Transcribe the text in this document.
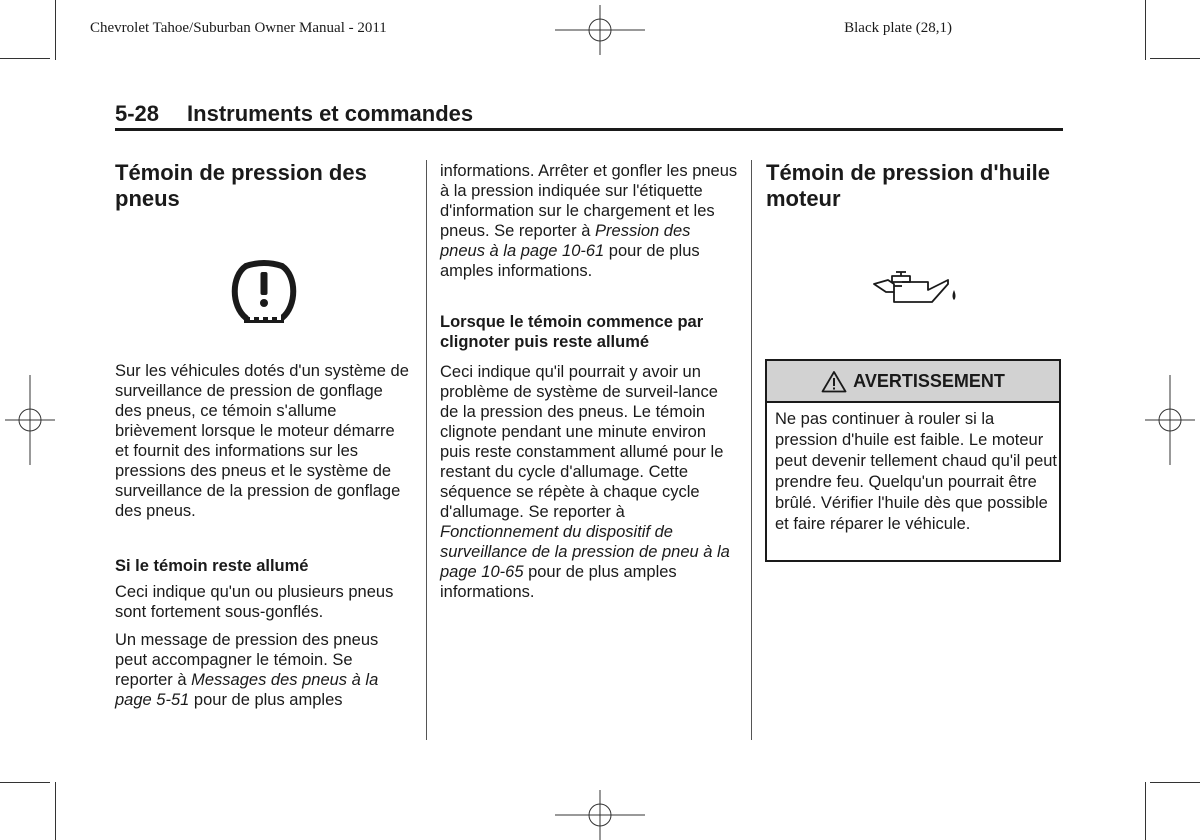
Chevrolet Tahoe/Suburban Owner Manual - 2011	Black plate (28,1)
5-28 Instruments et commandes
Témoin de pression des pneus

Sur les véhicules dotés d'un système de surveillance de pression de gonflage des pneus, ce témoin s'allume brièvement lorsque le moteur démarre et fournit des informations sur les pressions des pneus et le système de surveillance de la pression de gonflage des pneus.

Si le témoin reste allumé

Ceci indique qu'un ou plusieurs pneus sont fortement sous-gonflés.

Un message de pression des pneus peut accompagner le témoin. Se reporter à Messages des pneus à la page 5-51 pour de plus amples

informations. Arrêter et gonfler les pneus à la pression indiquée sur l'étiquette d'information sur le chargement et les pneus. Se reporter à Pression des pneus à la page 10-61 pour de plus amples informations.

Lorsque le témoin commence par clignoter puis reste allumé

Ceci indique qu'il pourrait y avoir un problème de système de surveil-lance de la pression des pneus. Le témoin clignote pendant une minute environ puis reste constamment allumé pour le restant du cycle d'allumage. Cette séquence se répète à chaque cycle d'allumage. Se reporter à Fonctionnement du dispositif de surveillance de la pression de pneu à la page 10-65 pour de plus amples informations.

Témoin de pression d'huile moteur
AVERTISSEMENT

Ne pas continuer à rouler si la pression d'huile est faible. Le moteur peut devenir tellement chaud qu'il peut prendre feu. Quelqu'un pourrait être brûlé. Vérifier l'huile dès que possible et faire réparer le véhicule.
